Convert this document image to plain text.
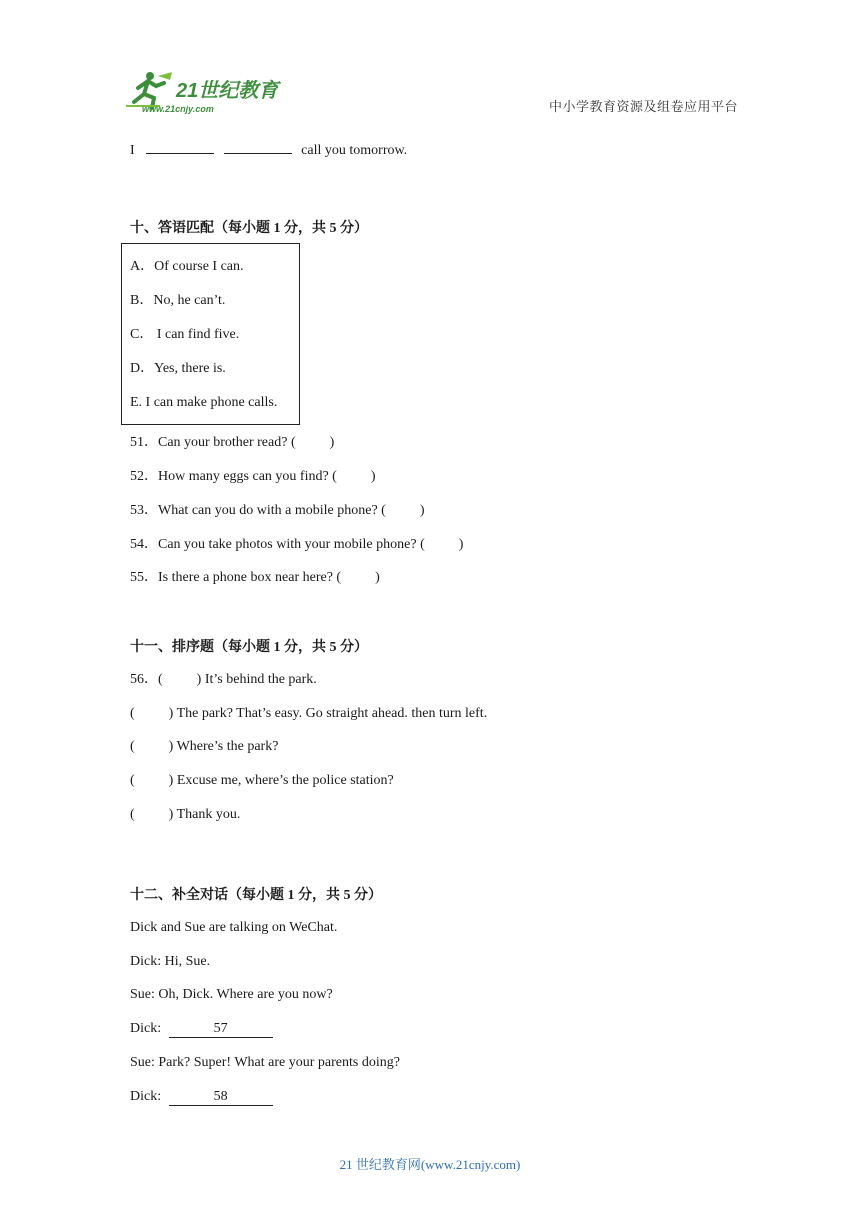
21世纪教育
www.21cnjy.com	中小学教育资源及组卷应用平台
I	call you tomorrow.
十、答语匹配（每小题 1 分，共 5 分）
A．Of course I can.
B．No, he can’t.
C． I can find five.
D．Yes, there is.
E. I can make phone calls.
51．Can your brother read? ( )
52．How many eggs can you find? ( )
53．What can you do with a mobile phone? ( )
54．Can you take photos with your mobile phone? ( )
55．Is there a phone box near here? ( )
十一、排序题（每小题 1 分，共 5 分）
56．( ) It’s behind the park.
( ) The park? That’s easy. Go straight ahead. then turn left.
( ) Where’s the park?
( ) Excuse me, where’s the police station?
( ) Thank you.
十二、补全对话（每小题 1 分，共 5 分）
Dick and Sue are talking on WeChat.
Dick: Hi, Sue.
Sue: Oh, Dick. Where are you now?
Dick:	57
Sue: Park? Super! What are your parents doing?
Dick:	58
21 世纪教育网(www.21cnjy.com)
